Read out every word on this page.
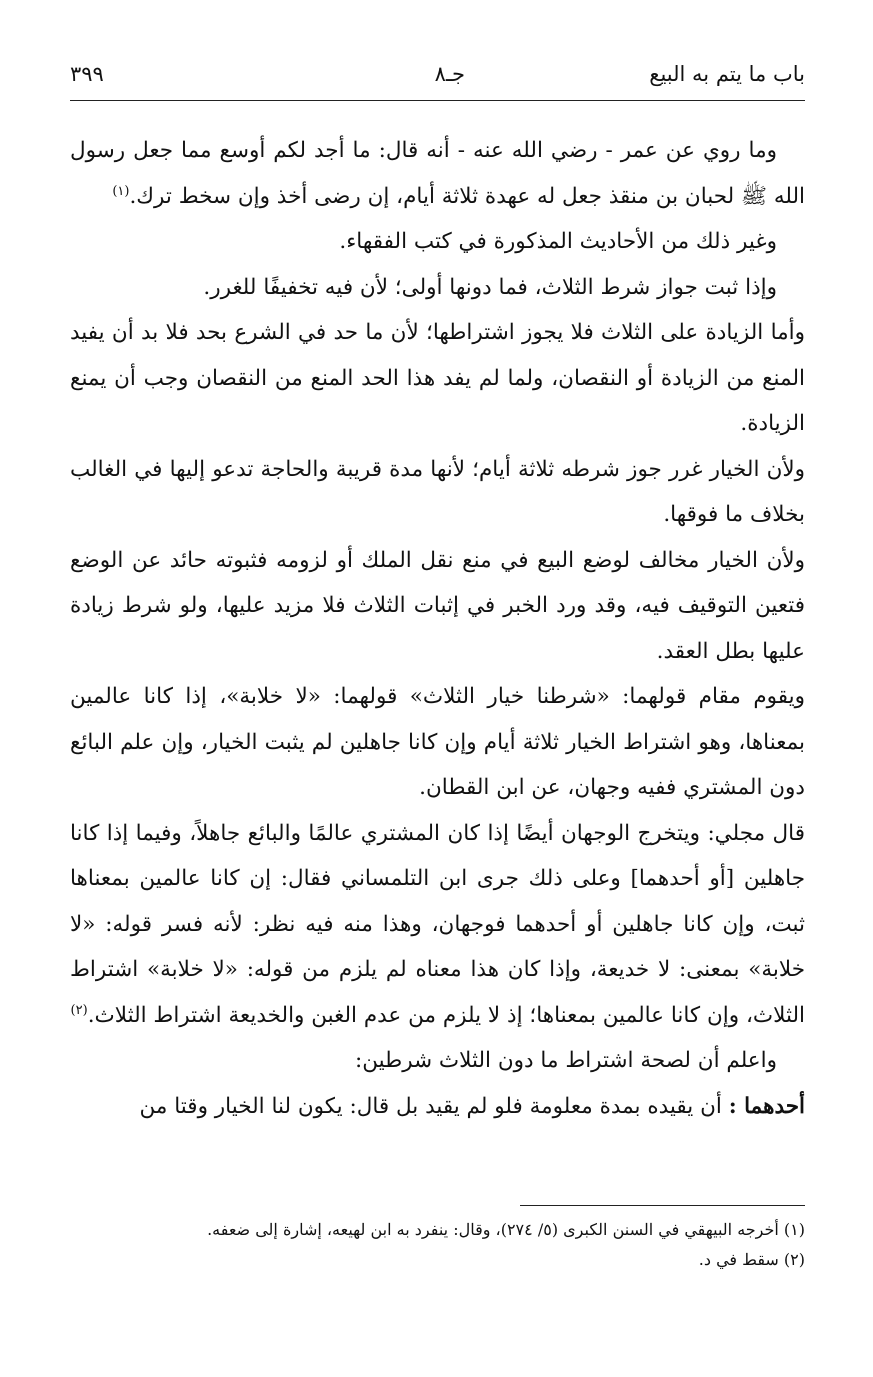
باب ما يتم به البيع
جـ٨
٣٩٩

وما روي عن عمر - رضي الله عنه - أنه قال: ما أجد لكم أوسع مما جعل رسول الله ﷺ لحبان بن منقذ جعل له عهدة ثلاثة أيام، إن رضى أخذ وإن سخط ترك.$^{(١)}$

وغير ذلك من الأحاديث المذكورة في كتب الفقهاء.

وإذا ثبت جواز شرط الثلاث، فما دونها أولى؛ لأن فيه تخفيفًا للغرر.

وأما الزيادة على الثلاث فلا يجوز اشتراطها؛ لأن ما حد في الشرع بحد فلا بد أن يفيد المنع من الزيادة أو النقصان، ولما لم يفد هذا الحد المنع من النقصان وجب أن يمنع الزيادة.

ولأن الخيار غرر جوز شرطه ثلاثة أيام؛ لأنها مدة قريبة والحاجة تدعو إليها في الغالب بخلاف ما فوقها.

ولأن الخيار مخالف لوضع البيع في منع نقل الملك أو لزومه فثبوته حائد عن الوضع فتعين التوقيف فيه، وقد ورد الخبر في إثبات الثلاث فلا مزيد عليها، ولو شرط زيادة عليها بطل العقد.

ويقوم مقام قولهما: «شرطنا خيار الثلاث» قولهما: «لا خلابة»، إذا كانا عالمين بمعناها، وهو اشتراط الخيار ثلاثة أيام وإن كانا جاهلين لم يثبت الخيار، وإن علم البائع دون المشتري ففيه وجهان، عن ابن القطان.

قال مجلي: ويتخرج الوجهان أيضًا إذا كان المشتري عالمًا والبائع جاهلاً، وفيما إذا كانا جاهلين [أو أحدهما] وعلى ذلك جرى ابن التلمساني فقال: إن كانا عالمين بمعناها ثبت، وإن كانا جاهلين أو أحدهما فوجهان، وهذا منه فيه نظر: لأنه فسر قوله: «لا خلابة» بمعنى: لا خديعة، وإذا كان هذا معناه لم يلزم من قوله: «لا خلابة» اشتراط الثلاث، وإن كانا عالمين بمعناها؛ إذ لا يلزم من عدم الغبن والخديعة اشتراط الثلاث.$^{(٢)}$

واعلم أن لصحة اشتراط ما دون الثلاث شرطين:

أحدهما : أن يقيده بمدة معلومة فلو لم يقيد بل قال: يكون لنا الخيار وقتا من

(١) أخرجه البيهقي في السنن الكبرى (٥/ ٢٧٤)، وقال: ينفرد به ابن لهيعه، إشارة إلى ضعفه.
(٢) سقط في د.
